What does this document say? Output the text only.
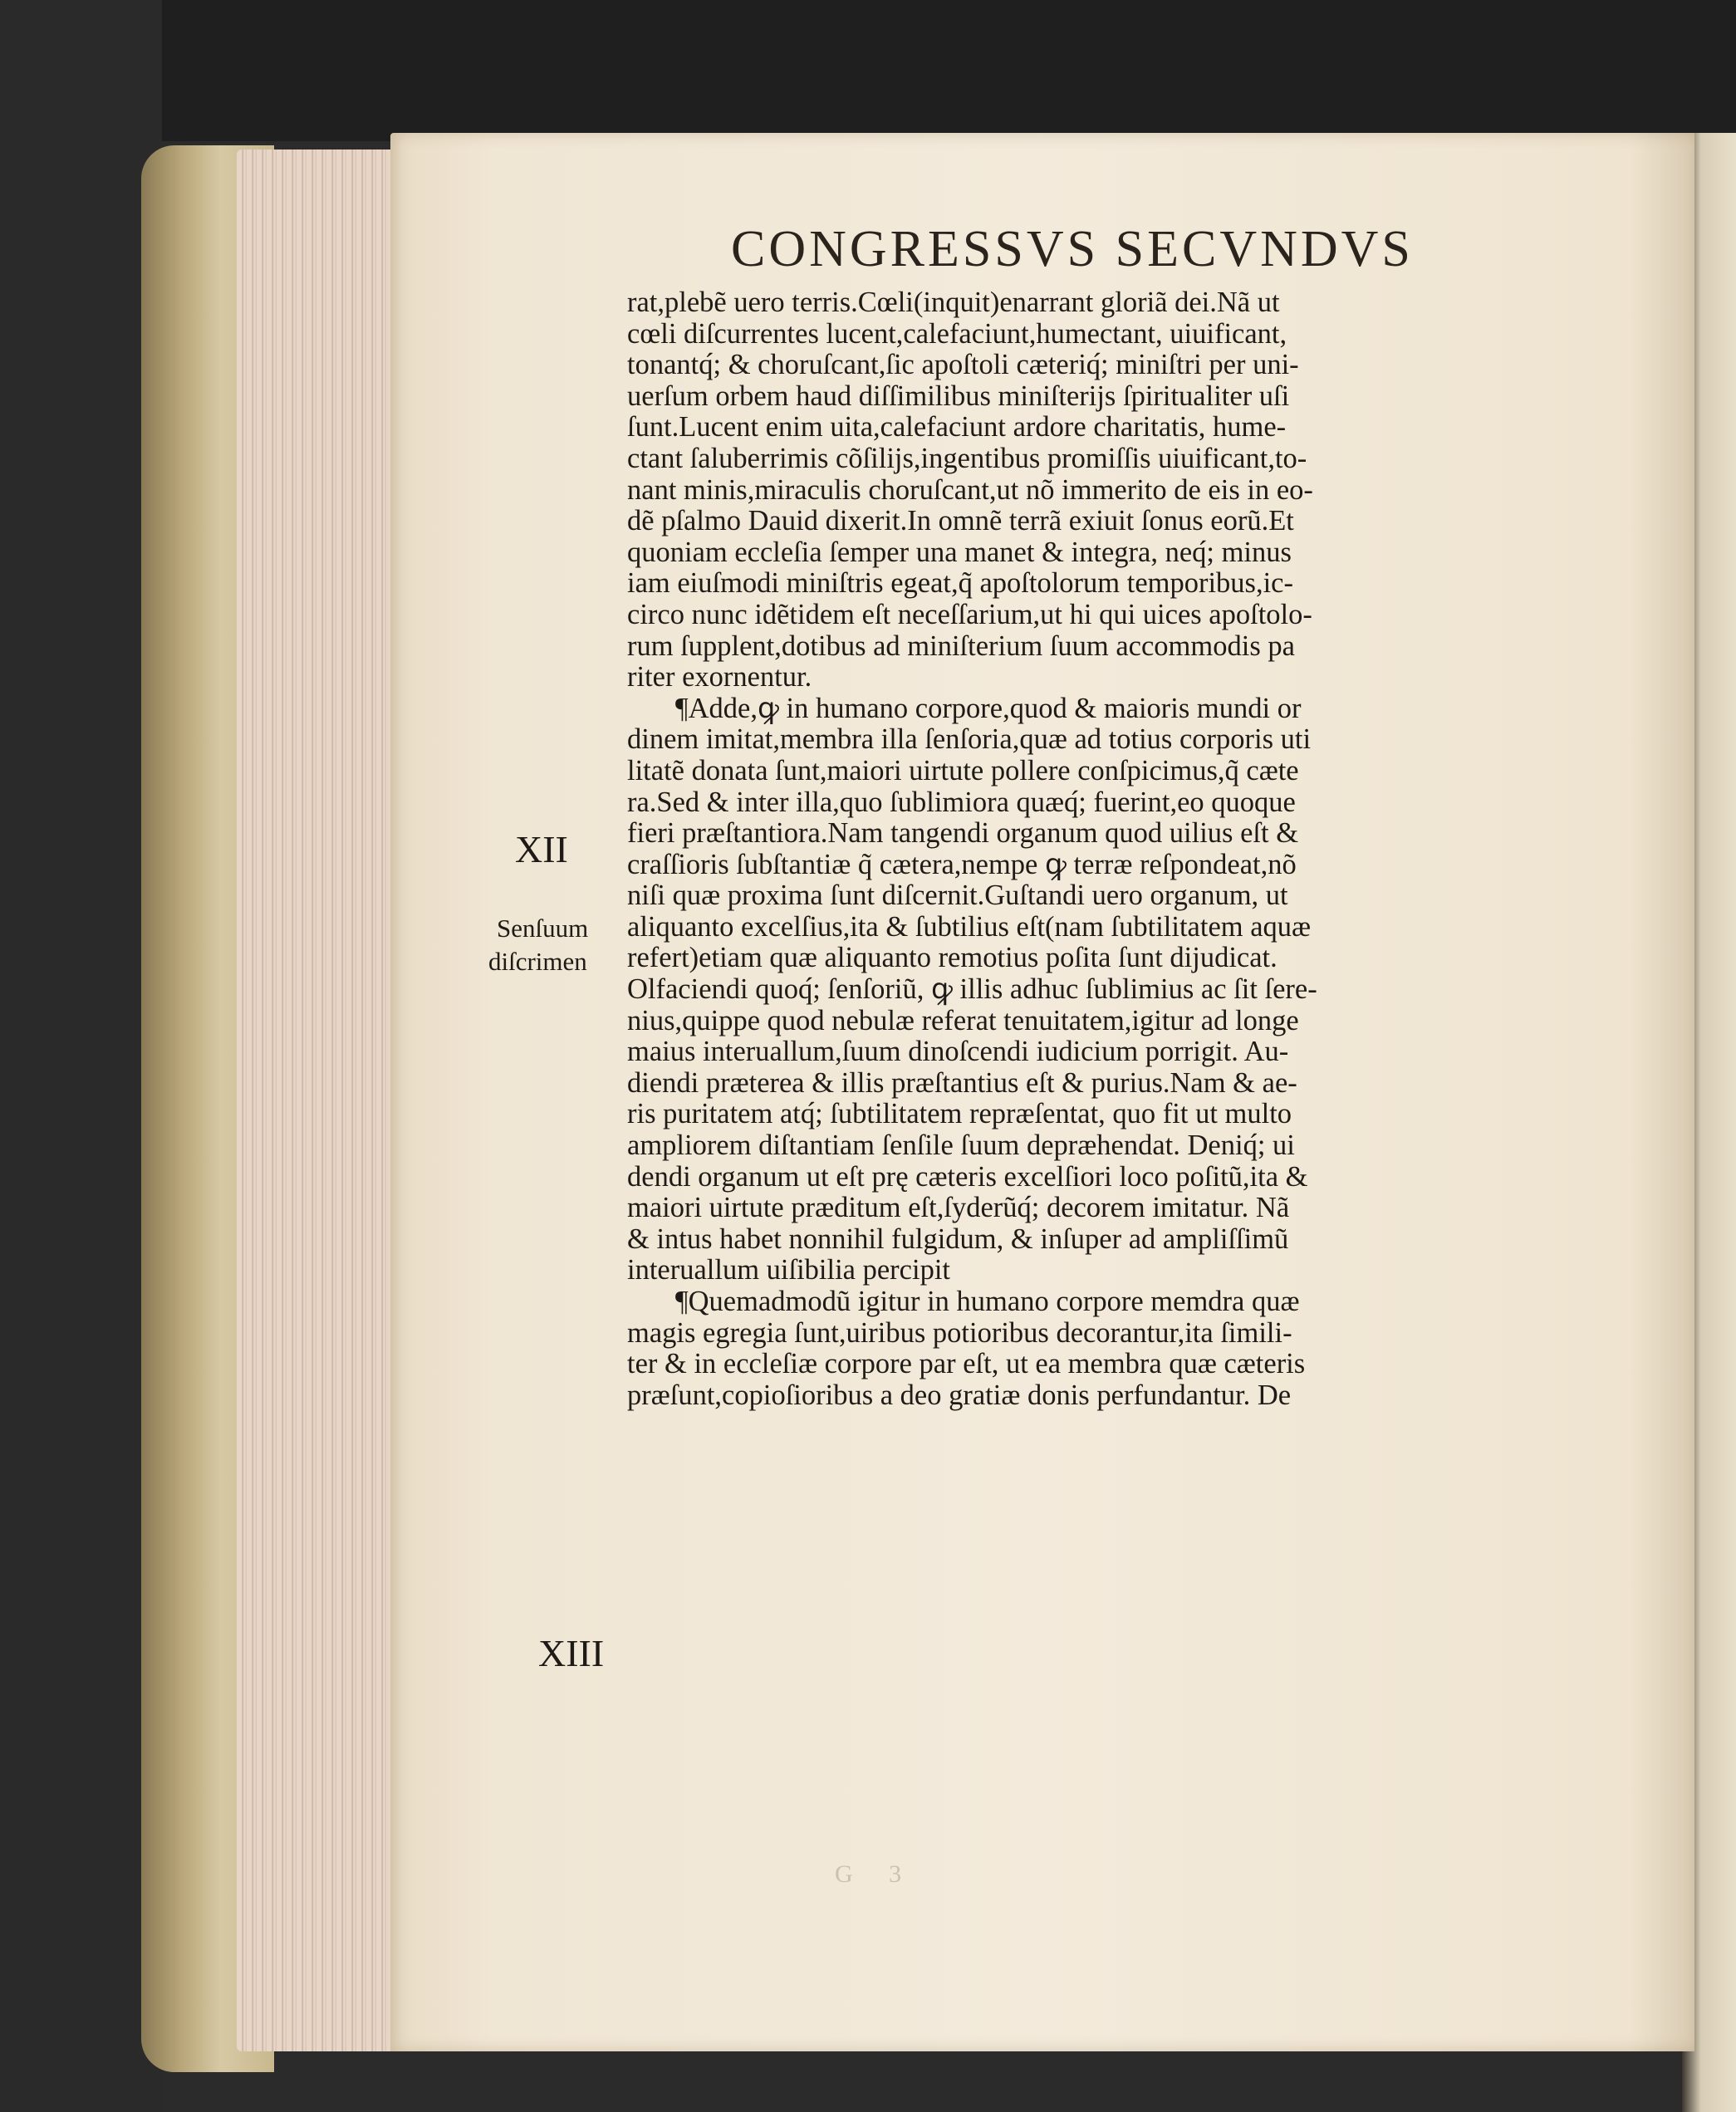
CONGRESSVS SECVNDVS
XII
Senſuum
diſcrimen
XIII
rat,plebẽ uero terris.Cœli(inquit)enarrant gloriã dei.Nã ut
cœli diſcurrentes lucent,calefaciunt,humectant, uiuificant,
tonantq́; & choruſcant,ſic apoſtoli cæteriq́; miniſtri per uni-
uerſum orbem haud diſſimilibus miniſterijs ſpiritualiter uſi
ſunt.Lucent enim uita,calefaciunt ardore charitatis, hume-
ctant ſaluberrimis cõſilijs,ingentibus promiſſis uiuificant,to-
nant minis,miraculis choruſcant,ut nõ immerito de eis in eo-
dẽ pſalmo Dauid dixerit.In omnẽ terrã exiuit ſonus eorũ.Et
quoniam eccleſia ſemper una manet & integra, neq́; minus
iam eiuſmodi miniſtris egeat,q̃ apoſtolorum temporibus,ic-
circo nunc idẽtidem eſt neceſſarium,ut hi qui uices apoſtolo-
rum ſupplent,dotibus ad miniſterium ſuum accommodis pa
riter exornentur.
¶Adde,ꝙ in humano corpore,quod & maioris mundi or
dinem imitat,membra illa ſenſoria,quæ ad totius corporis uti
litatẽ donata ſunt,maiori uirtute pollere conſpicimus,q̃ cæte
ra.Sed & inter illa,quo ſublimiora quæq́; fuerint,eo quoque
fieri præſtantiora.Nam tangendi organum quod uilius eſt &
craſſioris ſubſtantiæ q̃ cætera,nempe ꝙ terræ reſpondeat,nõ
niſi quæ proxima ſunt diſcernit.Guſtandi uero organum, ut
aliquanto excelſius,ita & ſubtilius eſt(nam ſubtilitatem aquæ
refert)etiam quæ aliquanto remotius poſita ſunt dijudicat.
Olfaciendi quoq́; ſenſoriũ, ꝙ illis adhuc ſublimius ac ſit ſere-
nius,quippe quod nebulæ referat tenuitatem,igitur ad longe
maius interuallum,ſuum dinoſcendi iudicium porrigit. Au-
diendi præterea & illis præſtantius eſt & purius.Nam & ae-
ris puritatem atq́; ſubtilitatem repræſentat, quo fit ut multo
ampliorem diſtantiam ſenſile ſuum depræhendat. Deniq́; ui
dendi organum ut eſt prę cæteris excelſiori loco poſitũ,ita &
maiori uirtute præditum eſt,ſyderũq́; decorem imitatur. Nã
& intus habet nonnihil fulgidum, & inſuper ad ampliſſimũ
interuallum uiſibilia percipit
¶Quemadmodũ igitur in humano corpore memdra quæ
magis egregia ſunt,uiribus potioribus decorantur,ita ſimili-
ter & in eccleſiæ corpore par eſt, ut ea membra quæ cæteris
præſunt,copioſioribus a deo gratiæ donis perfundantur. De
G 3
